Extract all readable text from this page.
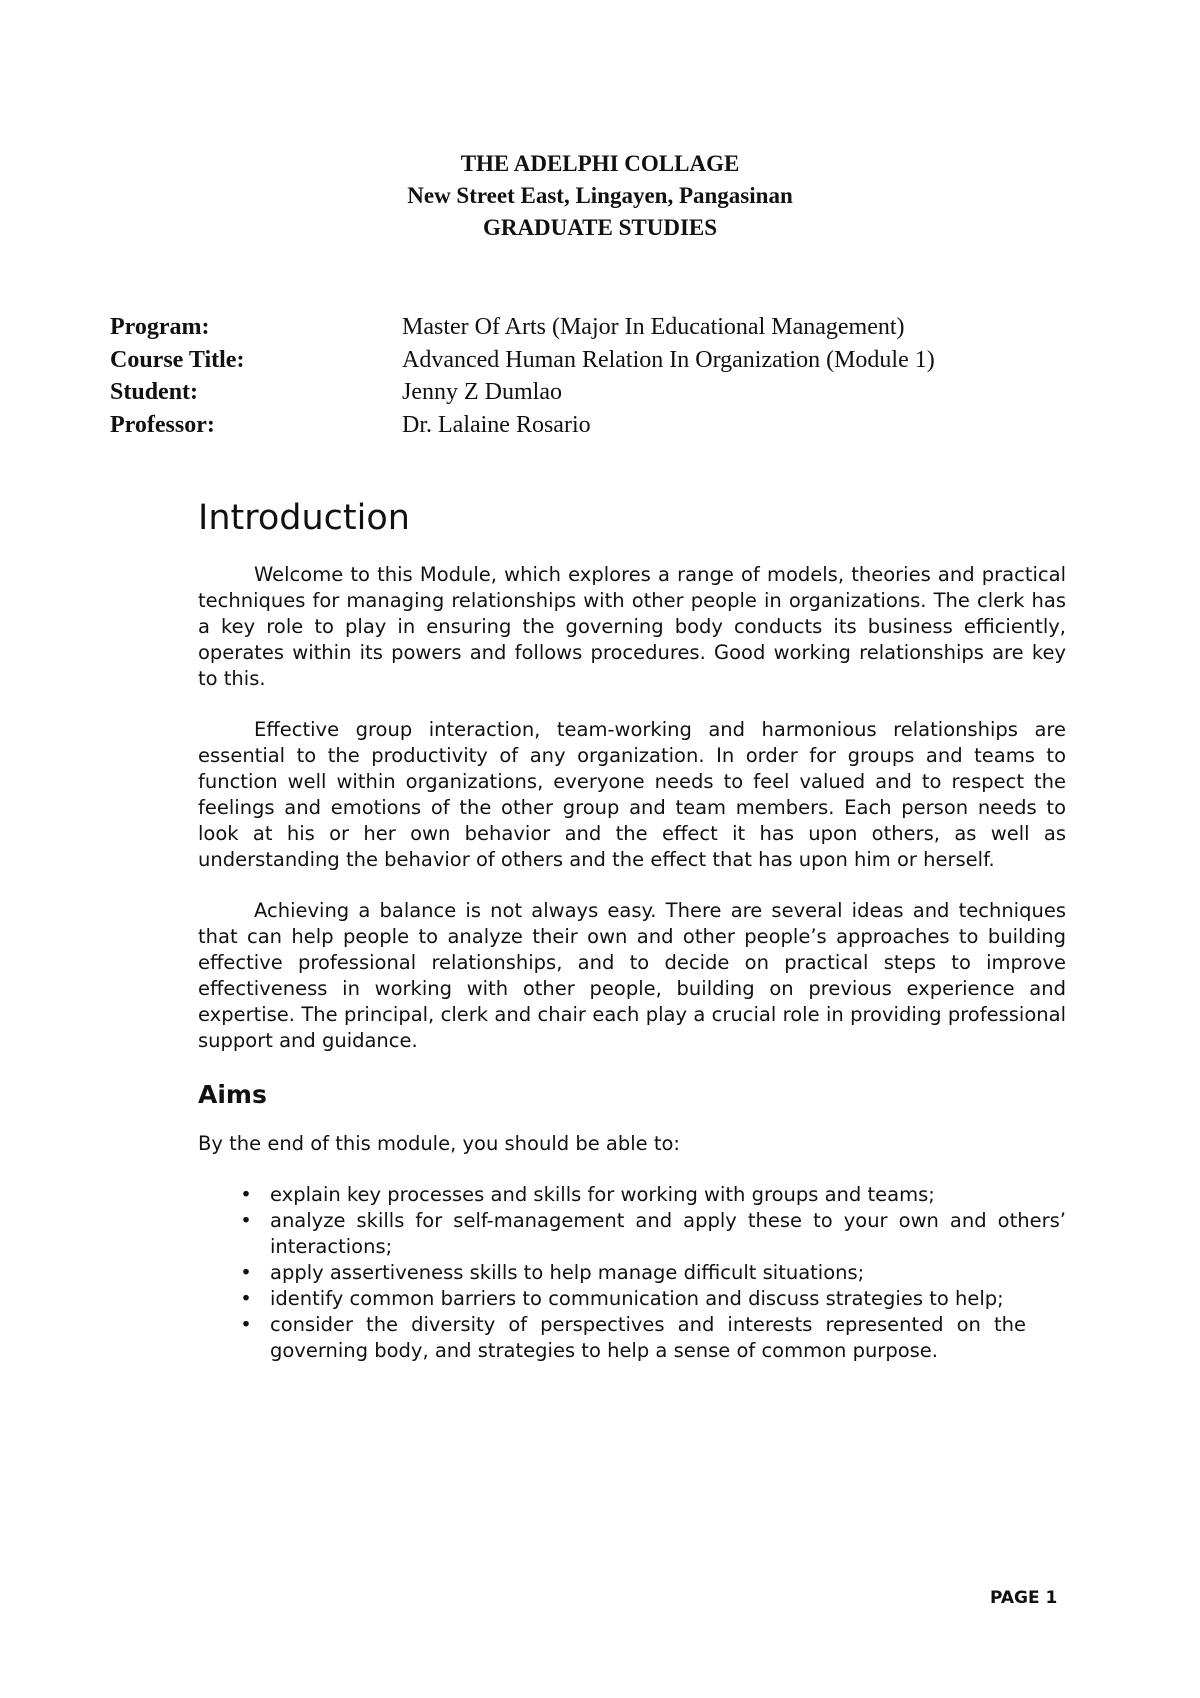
THE ADELPHI COLLAGE
New Street East, Lingayen, Pangasinan
GRADUATE STUDIES
Program:	Master Of Arts (Major In Educational Management)
Course Title:	Advanced Human Relation In Organization (Module 1)
Student:	Jenny Z Dumlao
Professor:	Dr. Lalaine Rosario
Introduction

Welcome to this Module, which explores a range of models, theories and practical techniques for managing relationships with other people in organizations. The clerk has a key role to play in ensuring the governing body conducts its business efficiently, operates within its powers and follows procedures. Good working relationships are key to this.

Effective group interaction, team-working and harmonious relationships are essential to the productivity of any organization. In order for groups and teams to function well within organizations, everyone needs to feel valued and to respect the feelings and emotions of the other group and team members. Each person needs to look at his or her own behavior and the effect it has upon others, as well as understanding the behavior of others and the effect that has upon him or herself.

Achieving a balance is not always easy. There are several ideas and techniques that can help people to analyze their own and other people’s approaches to building effective professional relationships, and to decide on practical steps to improve effectiveness in working with other people, building on previous experience and expertise. The principal, clerk and chair each play a crucial role in providing professional support and guidance.

Aims

By the end of this module, you should be able to:

• explain key processes and skills for working with groups and teams;
• analyze skills for self-management and apply these to your own and others’ interactions;
• apply assertiveness skills to help manage difficult situations;
• identify common barriers to communication and discuss strategies to help;
• consider the diversity of perspectives and interests represented on the governing body, and strategies to help a sense of common purpose.
PAGE 1
